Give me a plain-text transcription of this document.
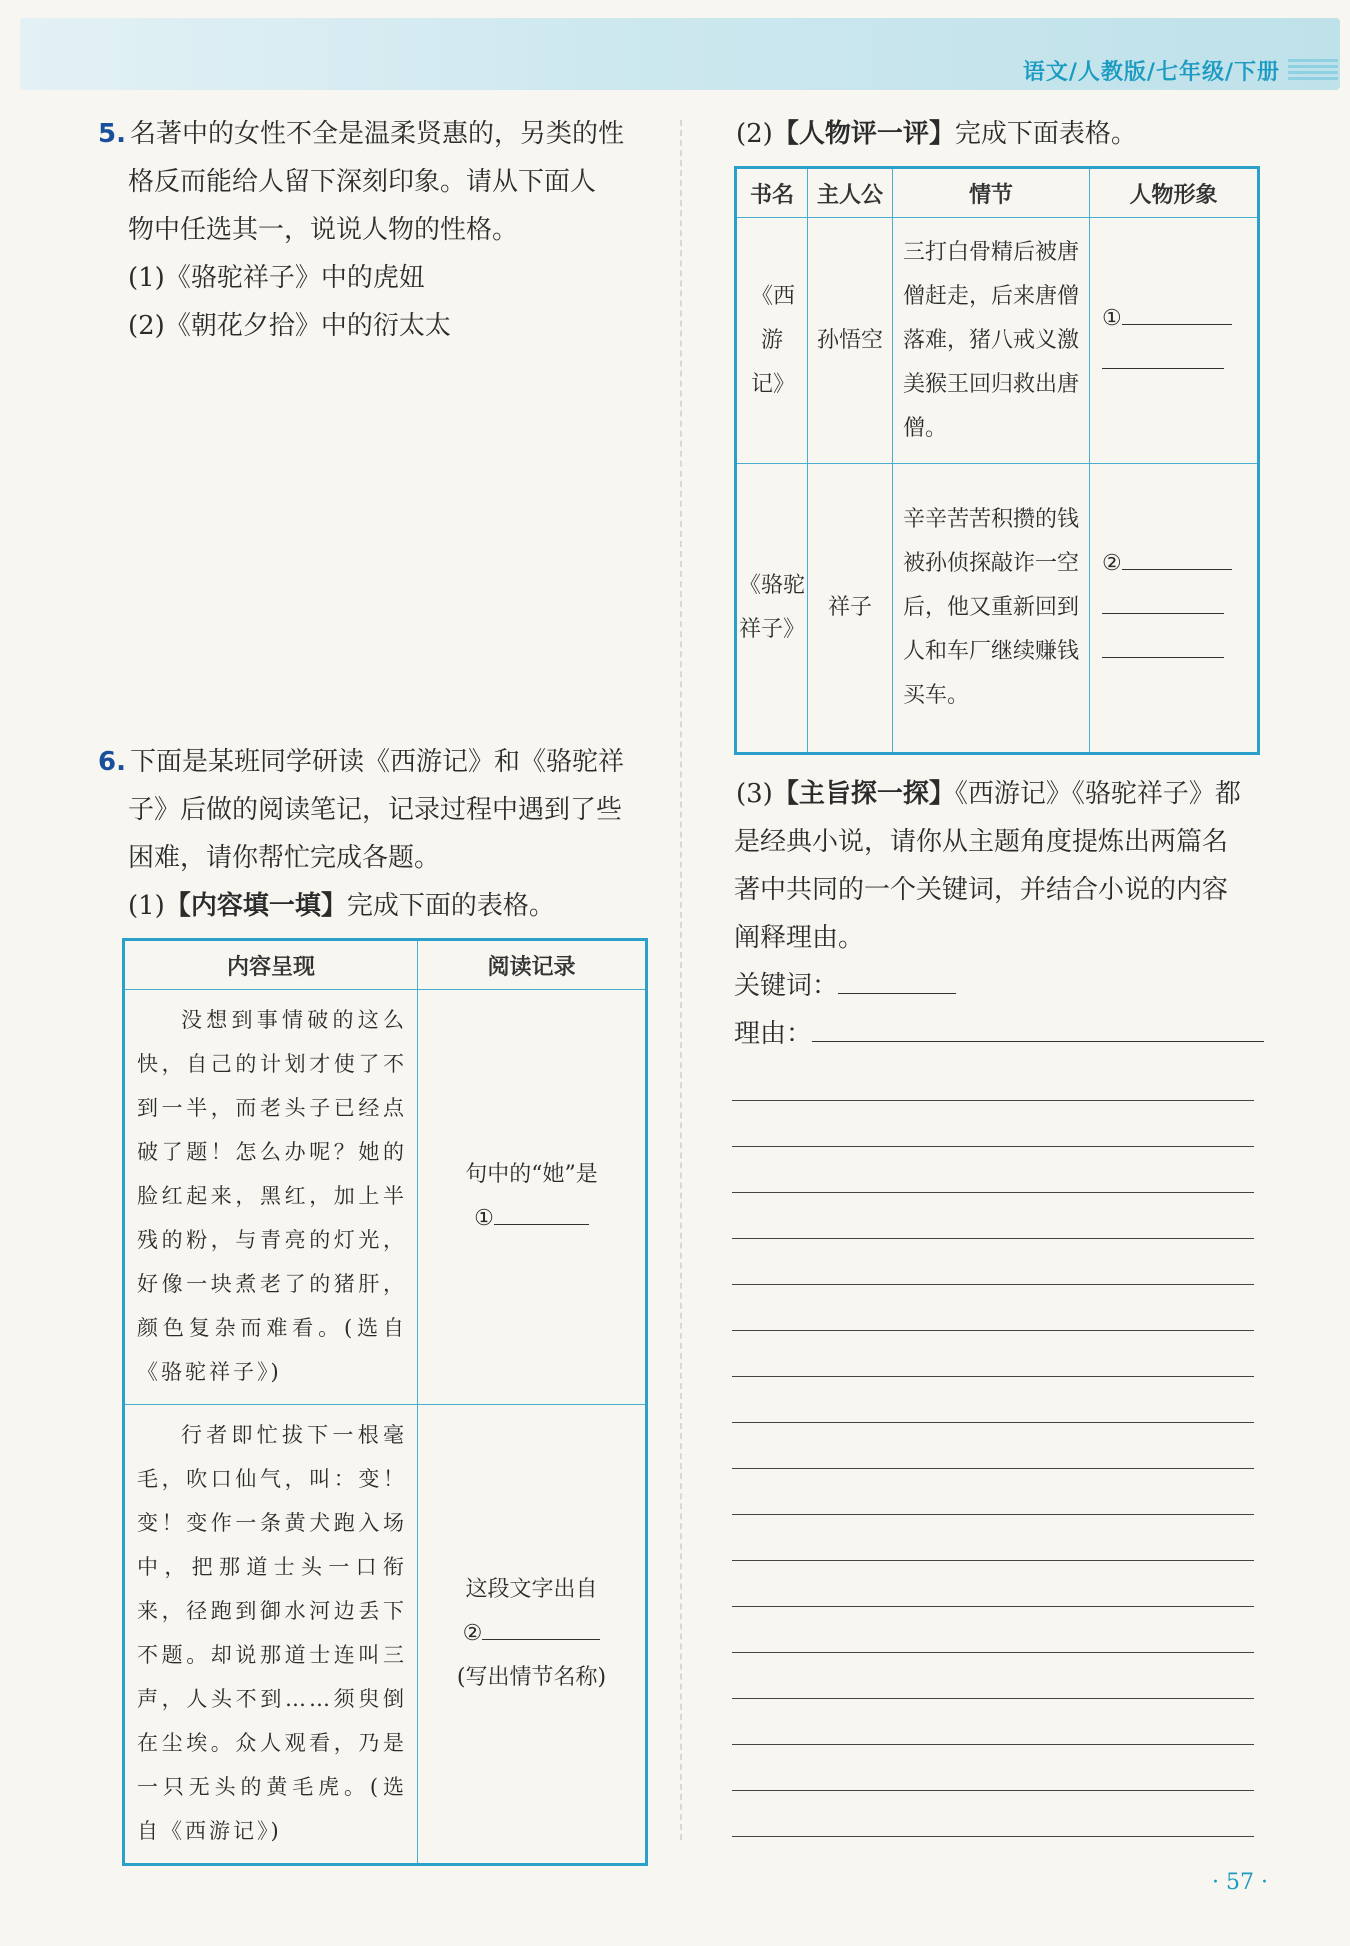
语文/人教版/七年级/下册
5. 名著中的女性不全是温柔贤惠的，另类的性
格反而能给人留下深刻印象。请从下面人
物中任选其一，说说人物的性格。
(1)《骆驼祥子》中的虎妞
(2)《朝花夕拾》中的衍太太
6. 下面是某班同学研读《西游记》和《骆驼祥
子》后做的阅读笔记，记录过程中遇到了些
困难，请你帮忙完成各题。
(1)【内容填一填】完成下面的表格。
内容呈现	阅读记录

没想到事情破的这么快，自己的计划才使了不到一半，而老头子已经点破了题！怎么办呢？她的脸红起来，黑红，加上半残的粉，与青亮的灯光，好像一块煮老了的猪肝，颜色复杂而难看。(选自《骆驼祥子》)	句中的“她”是
①

行者即忙拔下一根毫毛，吹口仙气，叫：变！变！变作一条黄犬跑入场中，把那道士头一口衔来，径跑到御水河边丢下不题。却说那道士连叫三声，人头不到……须臾倒在尘埃。众人观看，乃是一只无头的黄毛虎。(选自《西游记》)	这段文字出自
②
(写出情节名称)
(2)【人物评一评】完成下面表格。
书名	主人公	情节	人物形象

《西游记》	孙悟空	三打白骨精后被唐僧赶走，后来唐僧落难，猪八戒义激美猴王回归救出唐僧。	①

《骆驼祥子》	祥子	辛辛苦苦积攒的钱被孙侦探敲诈一空后，他又重新回到人和车厂继续赚钱买车。	②
(3)【主旨探一探】《西游记》《骆驼祥子》都
是经典小说，请你从主题角度提炼出两篇名
著中共同的一个关键词，并结合小说的内容
阐释理由。
关键词：
理由：
· 57 ·
